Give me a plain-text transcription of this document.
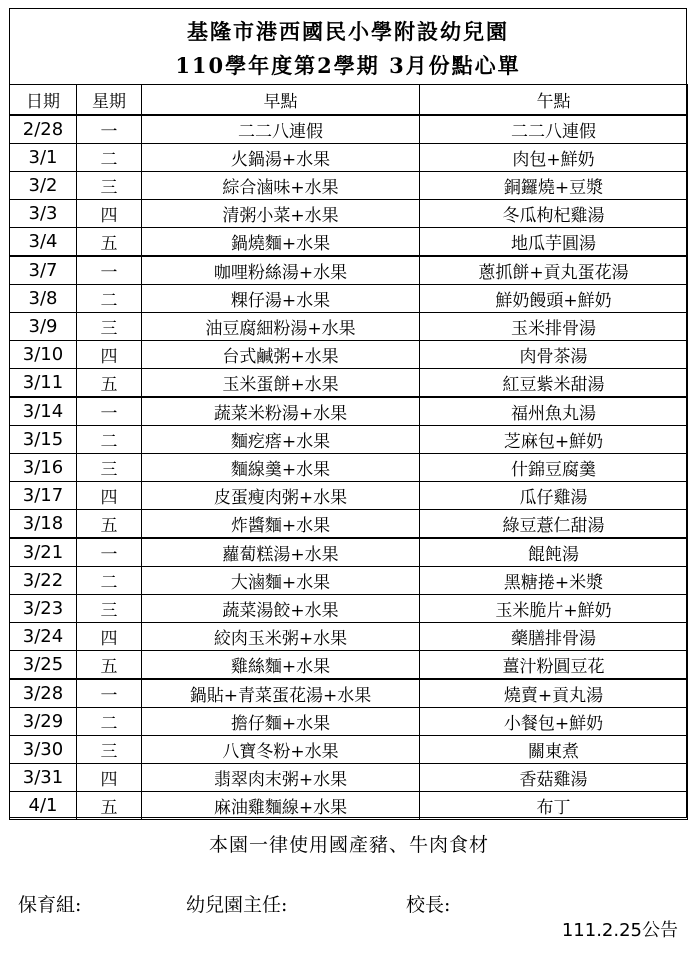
基隆市港西國民小學附設幼兒園
110學年度第2學期 3月份點心單
日期	星期	早點	午點
2/28	一	二二八連假	二二八連假
3/1	二	火鍋湯+水果	肉包+鮮奶
3/2	三	綜合滷味+水果	銅鑼燒+豆漿
3/3	四	清粥小菜+水果	冬瓜枸杞雞湯
3/4	五	鍋燒麵+水果	地瓜芋圓湯
3/7	一	咖哩粉絲湯+水果	蔥抓餅+貢丸蛋花湯
3/8	二	粿仔湯+水果	鮮奶饅頭+鮮奶
3/9	三	油豆腐細粉湯+水果	玉米排骨湯
3/10	四	台式鹹粥+水果	肉骨茶湯
3/11	五	玉米蛋餅+水果	紅豆紫米甜湯
3/14	一	蔬菜米粉湯+水果	福州魚丸湯
3/15	二	麵疙瘩+水果	芝麻包+鮮奶
3/16	三	麵線羹+水果	什錦豆腐羹
3/17	四	皮蛋瘦肉粥+水果	瓜仔雞湯
3/18	五	炸醬麵+水果	綠豆薏仁甜湯
3/21	一	蘿蔔糕湯+水果	餛飩湯
3/22	二	大滷麵+水果	黑糖捲+米漿
3/23	三	蔬菜湯餃+水果	玉米脆片+鮮奶
3/24	四	絞肉玉米粥+水果	藥膳排骨湯
3/25	五	雞絲麵+水果	薑汁粉圓豆花
3/28	一	鍋貼+青菜蛋花湯+水果	燒賣+貢丸湯
3/29	二	擔仔麵+水果	小餐包+鮮奶
3/30	三	八寶冬粉+水果	關東煮
3/31	四	翡翠肉末粥+水果	香菇雞湯
4/1	五	麻油雞麵線+水果	布丁
本園一律使用國產豬、牛肉食材
保育組:	幼兒園主任:	校長:
111.2.25公告
